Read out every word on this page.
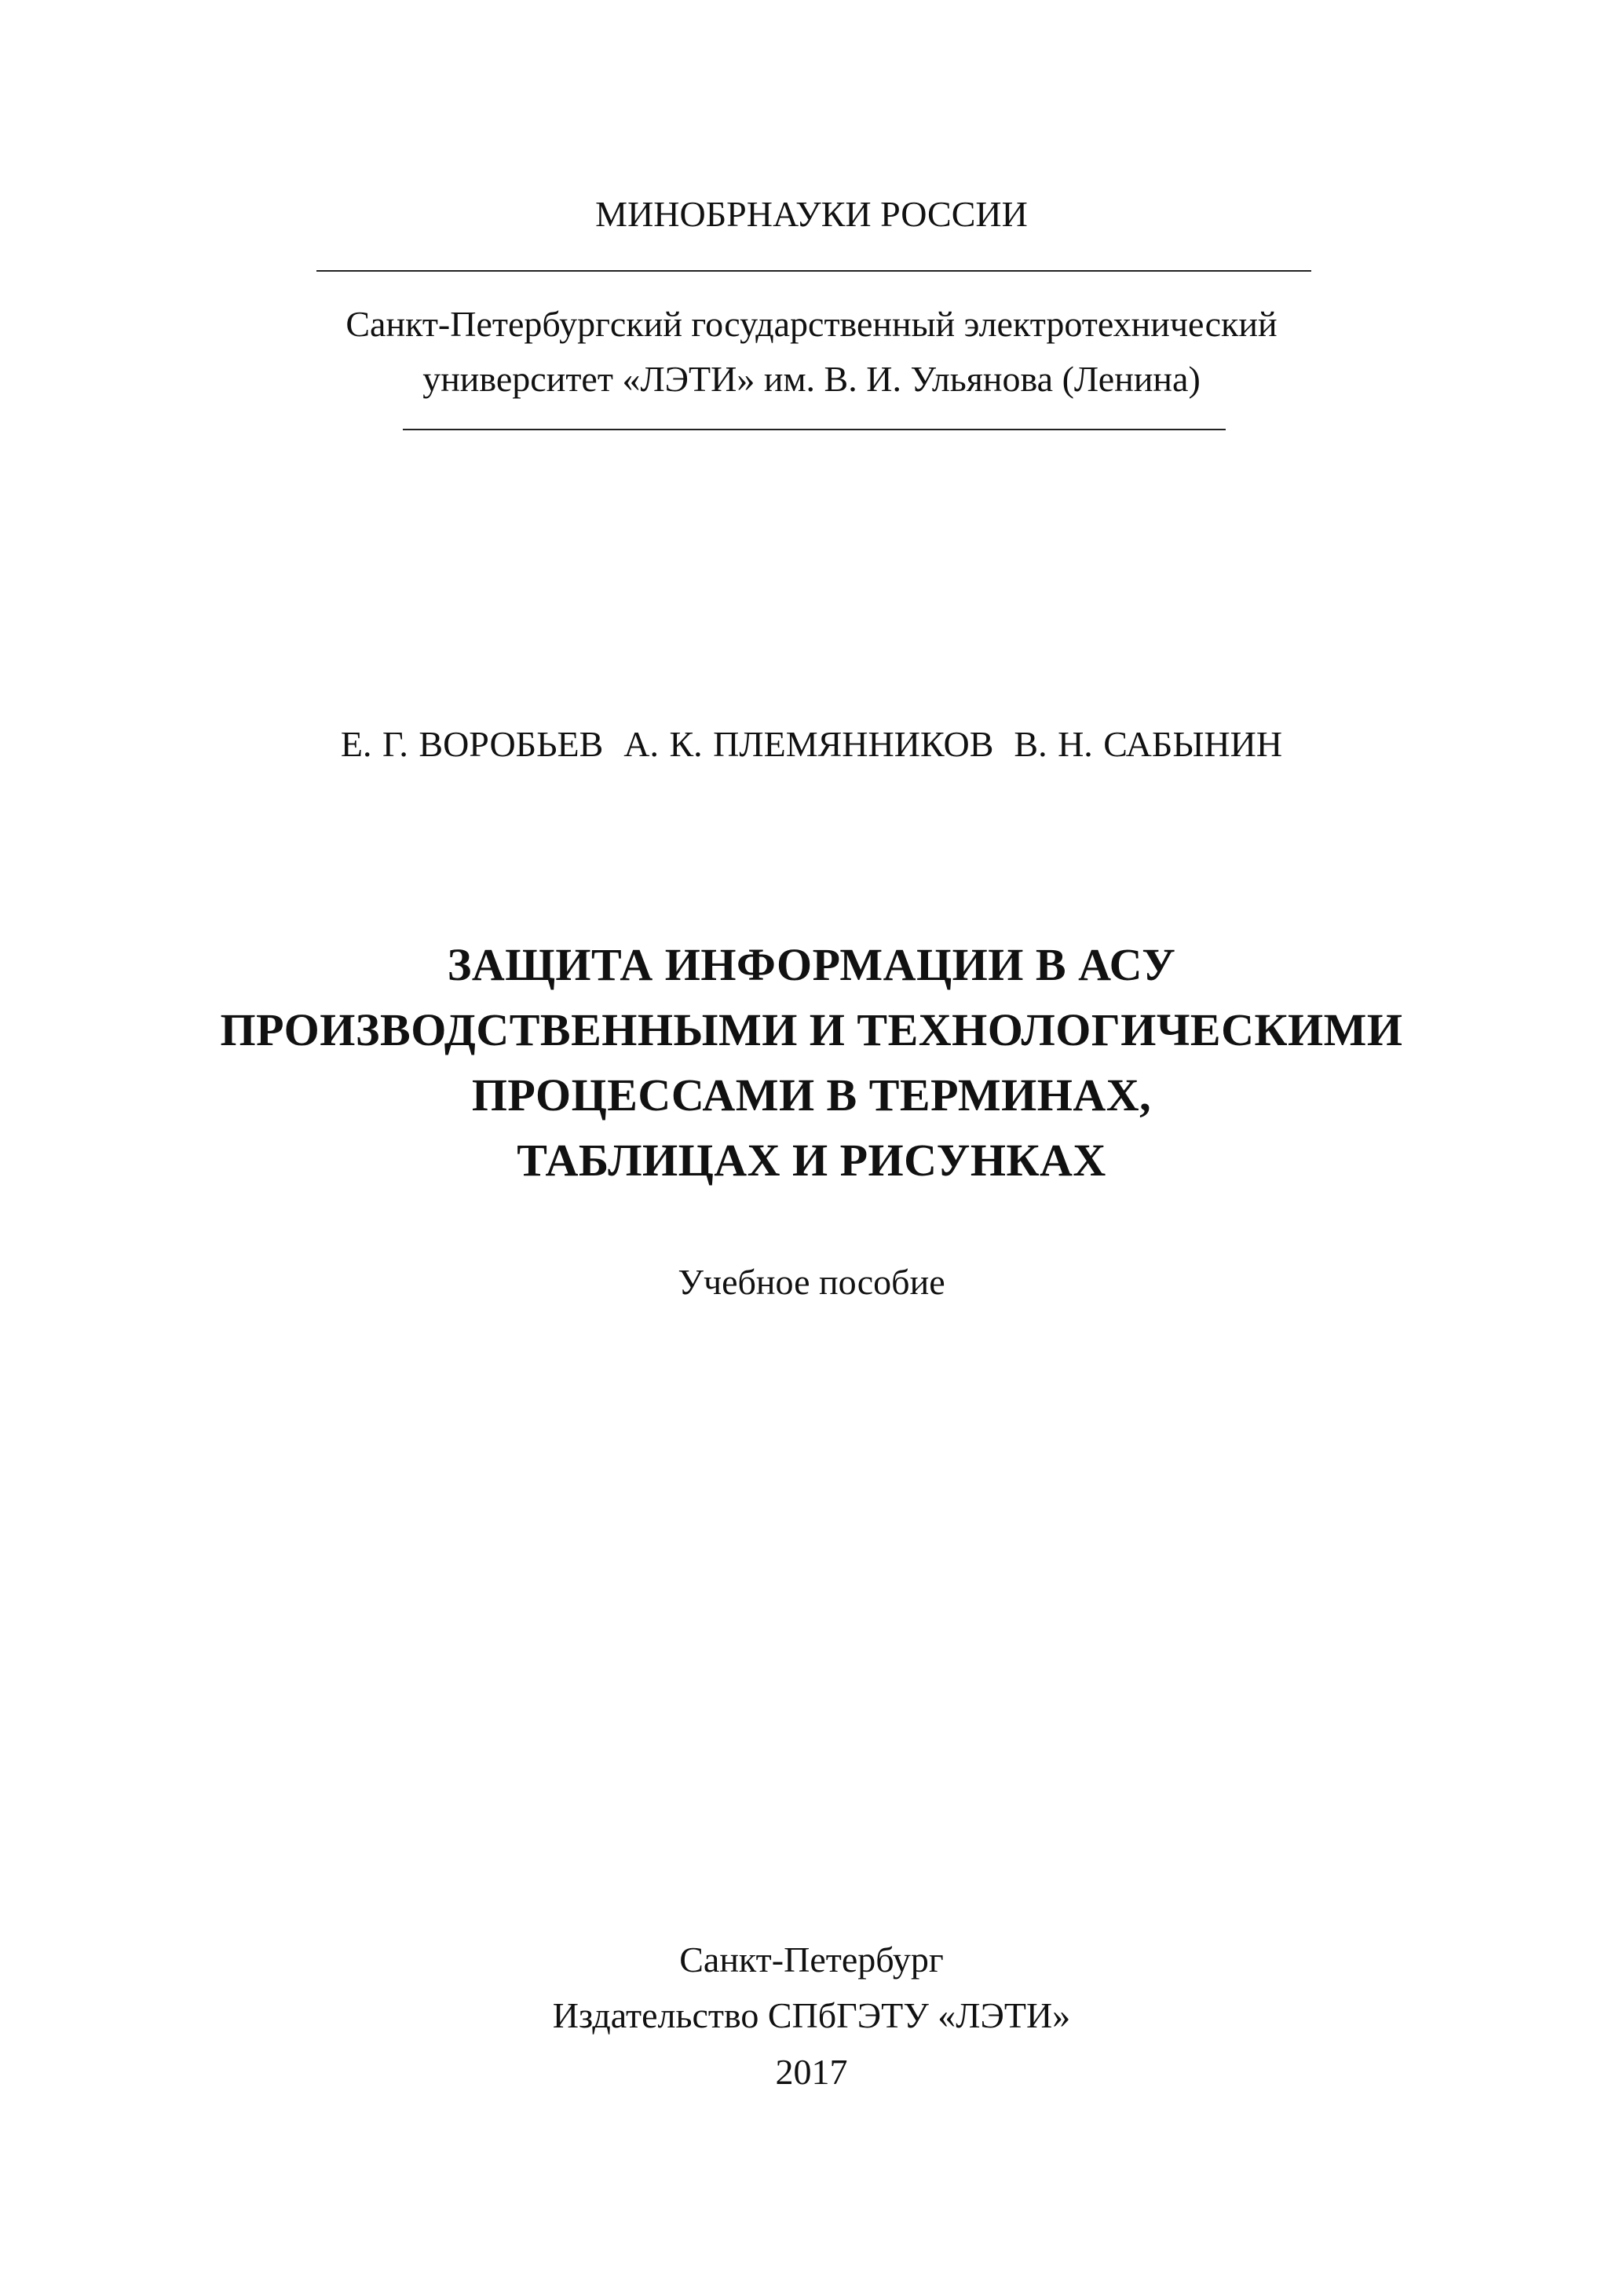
МИНОБРНАУКИ РОССИИ
Санкт-Петербургский государственный электротехнический
университет «ЛЭТИ» им. В. И. Ульянова (Ленина)
Е. Г. ВОРОБЬЕВ А. К. ПЛЕМЯННИКОВ В. Н. САБЫНИН
ЗАЩИТА ИНФОРМАЦИИ В АСУ
ПРОИЗВОДСТВЕННЫМИ И ТЕХНОЛОГИЧЕСКИМИ
ПРОЦЕССАМИ В ТЕРМИНАХ,
ТАБЛИЦАХ И РИСУНКАХ
Учебное пособие
Санкт-Петербург
Издательство СПбГЭТУ «ЛЭТИ»
2017
